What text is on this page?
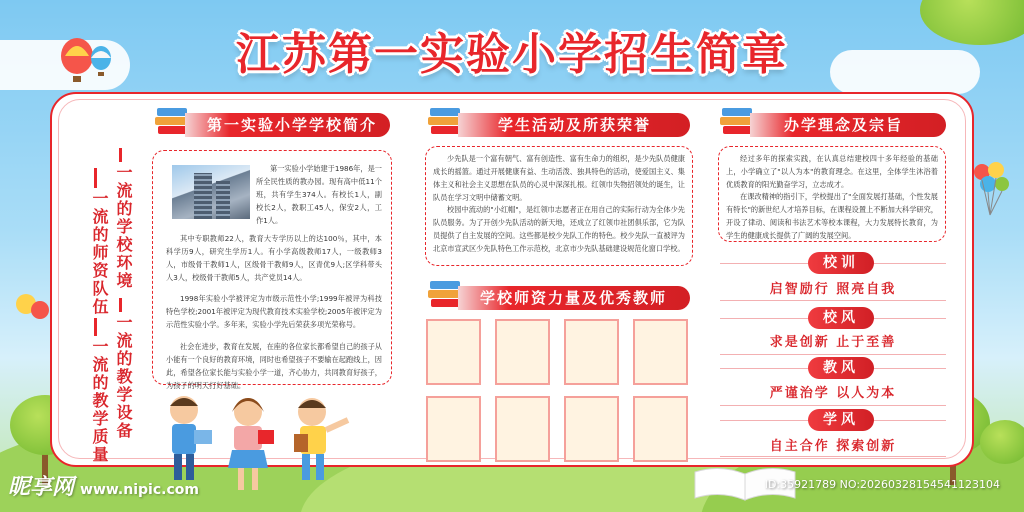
江苏第一实验小学招生简章
一流的师资队伍
一流的教学质量
一流的学校环境
一流的教学设备
第一实验小学学校简介
第一实验小学始建于1986年，是一所全民性质的教办园。现有高中低11个班，共有学生374人。有校长1人，副校长2人，教职工45人，保安2人，工作1人。
其中专职教师22人，教育大专学历以上的达100％，其中，本科学历9人，研究生学历1人。有小学高级教师17人，一级教师3人，市级骨干教师1人，区级骨干教师9人，区青优9人;区学科带头人3人，校级骨干教师5人，共产党员14人。
1998年实验小学被评定为市级示范性小学;1999年被评为科技特色学校;2001年被评定为现代教育技术实验学校;2005年被评定为示范性实验小学。多年来，实验小学先后荣获多项光荣称号。
社会在进步，教育在发展，在座的各位家长都希望自己的孩子从小能有一个良好的教育环境，同时也希望孩子不要输在起跑线上，因此，希望各位家长能与实验小学一道，齐心协力，共同教育好孩子，为孩子的明天打好基础。
学生活动及所获荣誉
少先队是一个富有朝气、富有创造性、富有生命力的组织，是少先队员健康成长的摇篮。通过开展健康有益、生动活泼、独具特色的活动，使爱国主义、集体主义和社会主义思想在队员的心灵中深深扎根。红领巾失物招领处的诞生，让队员在学习文明中储蓄文明。
校园中流动的"小红帽"，是红领巾志愿者正在用自己的实际行动为全体少先队员服务。为了开创少先队活动的新天地，还成立了红领巾社团俱乐部，它为队员提供了自主发展的空间。这些都是校少先队工作的特色。校少先队一直被评为北京市宣武区少先队特色工作示范校，北京市少先队基础建设规范化窗口学校。
学校师资力量及优秀教师
办学理念及宗旨
经过多年的探索实践，在认真总结建校四十多年经验的基础上，小学确立了"以人为本"的教育理念。在这里，全体学生沐浴着优质教育的阳光勤奋学习，立志成才。
在课改精神的指引下，学校提出了"全面发展打基础，个性发展有特长"的新世纪人才培养目标，在课程设置上不断加大科学研究，开设了律动、阅读和书法艺术等校本课程，大力发展特长教育，为学生的健康成长提供了广阔的发展空间。
校训
启智励行 照亮自我
校风
求是创新 止于至善
教风
严谨治学 以人为本
学风
自主合作 探索创新
昵享网 www.nipic.com	ID:35921789 NO:20260328154541123104
